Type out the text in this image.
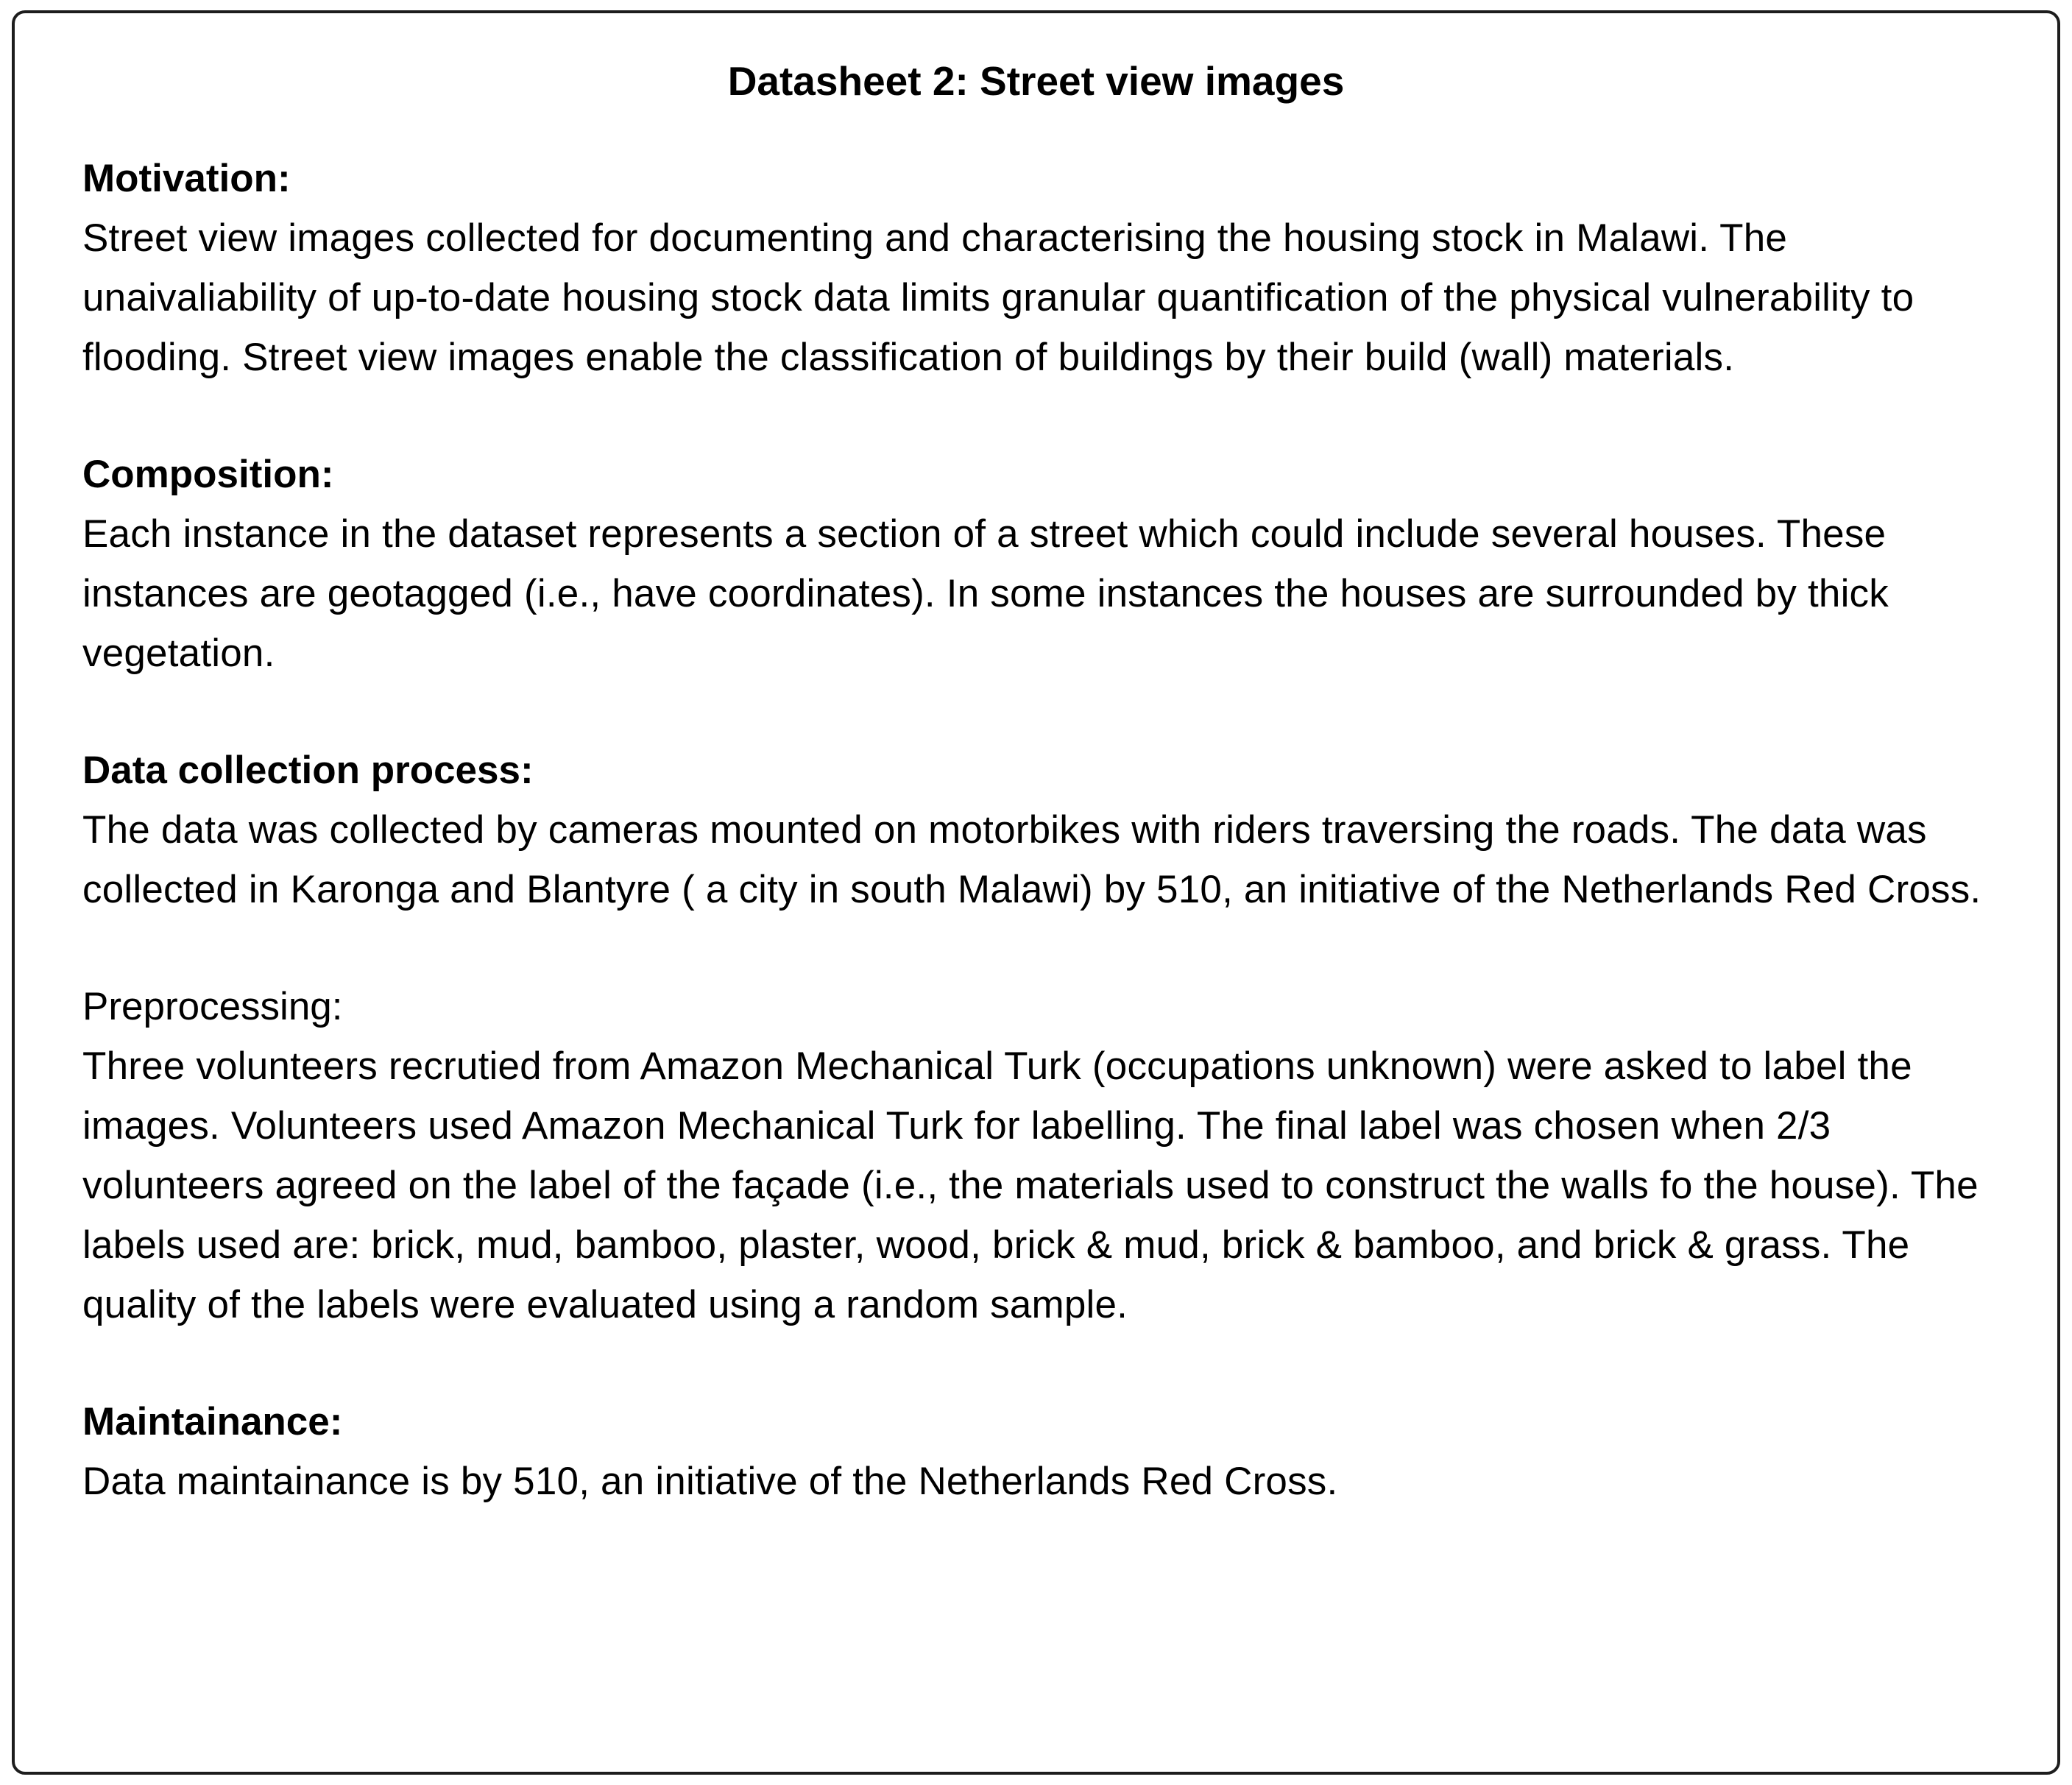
Datasheet 2: Street view images
Motivation:
Street view images collected for documenting and characterising the housing stock in Malawi. The unaivaliability of up-to-date housing stock data limits granular quantification of the physical vulnerability to flooding. Street view images enable the classification of buildings by their build (wall) materials.
Composition:
Each instance in the dataset represents a section of a street which could include several houses. These instances are geotagged (i.e., have coordinates). In some instances the houses are surrounded by thick vegetation.
Data collection process:
The data was collected by cameras mounted on motorbikes with riders traversing the roads. The data was collected in Karonga and Blantyre ( a city in south Malawi) by 510, an initiative of the Netherlands Red Cross.
Preprocessing:
Three volunteers recrutied from Amazon Mechanical Turk (occupations unknown) were asked to label the images. Volunteers used Amazon Mechanical Turk for labelling. The final label was chosen when 2/3 volunteers agreed on the label of the façade (i.e., the materials used to construct the walls fo the house). The labels used are: brick, mud, bamboo, plaster, wood, brick & mud, brick & bamboo, and brick & grass. The quality of the labels were evaluated using a random sample.
Maintainance:
Data maintainance is by 510, an initiative of the Netherlands Red Cross.
